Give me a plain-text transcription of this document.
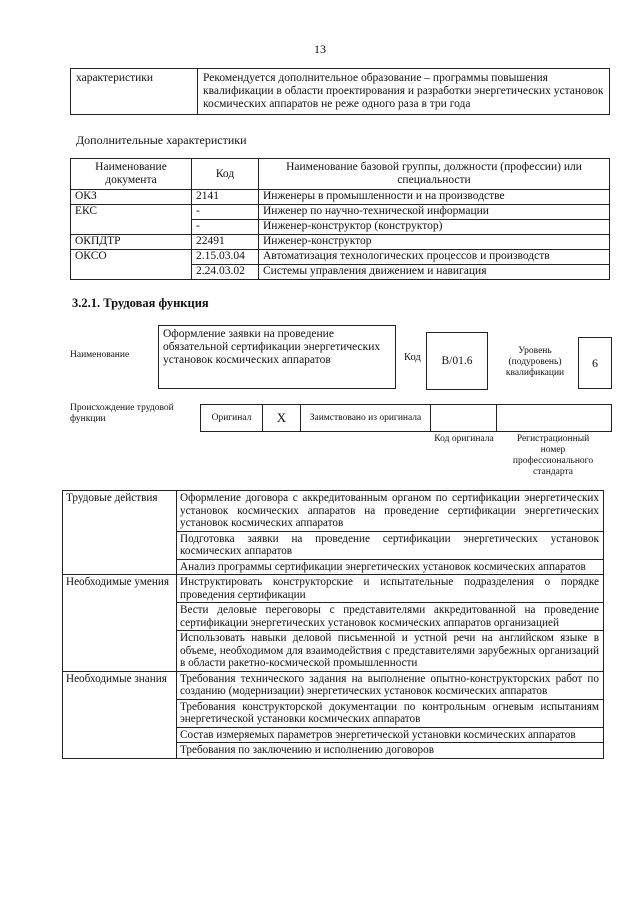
13
характеристики	Рекомендуется дополнительное образование – программы повышения квалификации в области проектирования и разработки энергетических установок космических аппаратов не реже одного раза в три года
Дополнительные характеристики
Наименование документа	Код	Наименование базовой группы, должности (профессии) или специальности
ОКЗ	2141	Инженеры в промышленности и на производстве
ЕКС	-	Инженер по научно-технической информации
	-	Инженер-конструктор (конструктор)
ОКПДТР	22491	Инженер-конструктор
ОКСО	2.15.03.04	Автоматизация технологических процессов и производств
	2.24.03.02	Системы управления движением и навигация
3.2.1. Трудовая функция
Наименование
Оформление заявки на проведение обязательной сертификации энергетических установок космических аппаратов	Код	B/01.6
Уровень (подуровень) квалификации
6
Происхождение трудовой функции	Оригинал	X	Заимствовано из оригинала
Код оригинала	Регистрационный номер профессионального стандарта
Трудовые действия	Оформление договора с аккредитованным органом по сертификации энергетических установок космических аппаратов на проведение сертификации энергетических установок космических аппаратов
	Подготовка заявки на проведение сертификации энергетических установок космических аппаратов
	Анализ программы сертификации энергетических установок космических аппаратов
Необходимые умения	Инструктировать конструкторские и испытательные подразделения о порядке проведения сертификации
	Вести деловые переговоры с представителями аккредитованной на проведение сертификации энергетических установок космических аппаратов организацией
	Использовать навыки деловой письменной и устной речи на английском языке в объеме, необходимом для взаимодействия с представителями зарубежных организаций в области ракетно-космической промышленности
Необходимые знания	Требования технического задания на выполнение опытно-конструкторских работ по созданию (модернизации) энергетических установок космических аппаратов
	Требования конструкторской документации по контрольным огневым испытаниям энергетической установки космических аппаратов
	Состав измеряемых параметров энергетической установки космических аппаратов
	Требования по заключению и исполнению договоров
